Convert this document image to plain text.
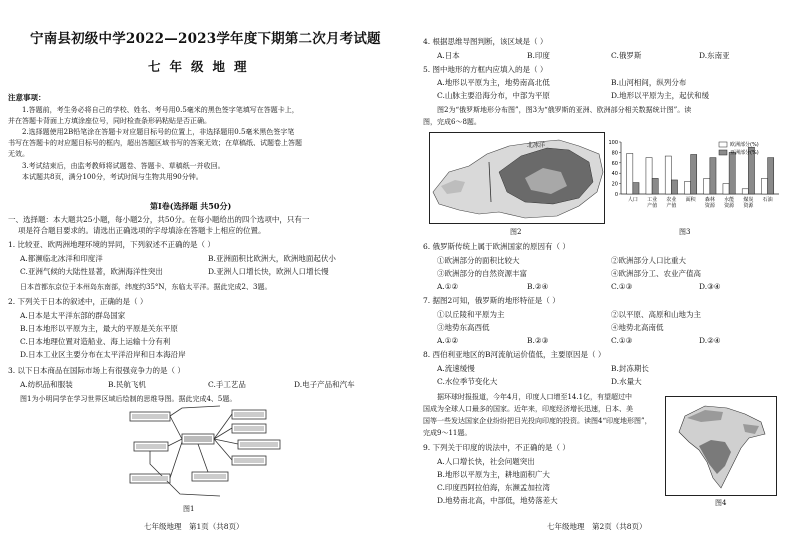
宁南县初级中学2022—2023学年度下期第二次月考试题
七年级地理
注意事项：
1.答题前，考生务必将自己的学校、姓名、考号用0.5毫米的黑色签字笔填写在答题卡上，
并在答题卡背面上方填涂座位号，同时检查条形码粘贴是否正确。
2.选择题使用2B铅笔涂在答题卡对应题目标号的位置上，非选择题用0.5毫米黑色签字笔
书写在答题卡的对应题目标号的框内，超出答题区域书写的答案无效；在草稿纸、试题卷上答题
无效。
3.考试结束后，由监考教师将试题卷、答题卡、草稿纸一并收回。
本试题共8页，满分100分，考试时间与生物共用90分钟。
第Ⅰ卷(选择题 共50分)
一、选择题：本大题共25小题，每小题2分，共50分。在每小题给出的四个选项中，只有一
项是符合题目要求的。请选出正确选项的字母填涂在答题卡上相应的位置。
1. 比较亚、欧两洲地理环境的异同，下列叙述不正确的是（ ）
A.都濒临北冰洋和印度洋	B.亚洲面积比欧洲大，欧洲地面起伏小
C.亚洲气候的大陆性显著，欧洲海洋性突出	D.亚洲人口增长快，欧洲人口增长慢
日本首都东京位于本州岛东南部，纬度约35°N，东临太平洋。据此完成2、3题。
2. 下列关于日本的叙述中，正确的是（ ）
A.日本是太平洋东部的群岛国家
B.日本地形以平原为主，最大的平原是关东平原
C.日本地理位置对造船业、海上运输十分有利
D.日本工业区主要分布在太平洋沿岸和日本海沿岸
3. 以下日本商品在国际市场上有很强竞争力的是（ ）
A.纺织品和服装	B.民航飞机	C.手工艺品	D.电子产品和汽车
图1为小明同学在学习世界区域后绘制的思维导图。据此完成4、5题。
图1
七年级地理　第1页（共8页）
4. 根据思维导图判断，该区域是（ ）
A.日本	B.印度	C.俄罗斯	D.东南亚
5. 图中地形的方框内应填入的是（ ）
A.地形以平原为主，地势南高北低	B.山河相间，纵列分布
C.山脉主要沿海分布，中部为平原	D.地形以平原为主，起伏和缓
图2为“俄罗斯地形分布图”，图3为“俄罗斯的亚洲、欧洲部分相关数据统计图”。读
图，完成6～8题。
北冰洋
图2
100
80
60
40
20
0
人口 工业
产值
农业
产值
面积 森林
资源
水能
资源
煤炭
资源
石油
欧洲部分(%)
亚洲部分(%)
图3
6. 俄罗斯传统上属于欧洲国家的原因有（ ）
①欧洲部分的面积比较大	②欧洲部分人口比重大
③欧洲部分的自然资源丰富	④欧洲部分工、农业产值高
A.①②	B.②④	C.①③	D.③④
7. 据图2可知，俄罗斯的地形特征是（ ）
①以丘陵和平原为主	②以平原、高原和山地为主
③地势东高西低	④地势北高南低
A.①②	B.②③	C.①③	D.②④
8. 西伯利亚地区的B河流航运价值低，主要原因是（ ）
A.流速缓慢	B.封冻期长
C.水位季节变化大	D.水量大
据环球时报报道，今年4月，印度人口增至14.1亿，有望超过中
国成为全球人口最多的国家。近年来，印度经济增长迅速，日本、美
国等一些发达国家企业纷纷把目光投向印度的投资。读图4“印度地形图”，
完成9～11题。
9. 下列关于印度的说法中，不正确的是（ ）
A.人口增长快，社会问题突出
B.地形以平原为主，耕地面积广大
C.印度西阿拉伯海，东濒孟加拉湾
D.地势南北高，中部低，地势落差大	图4
七年级地理　第2页（共8页）
